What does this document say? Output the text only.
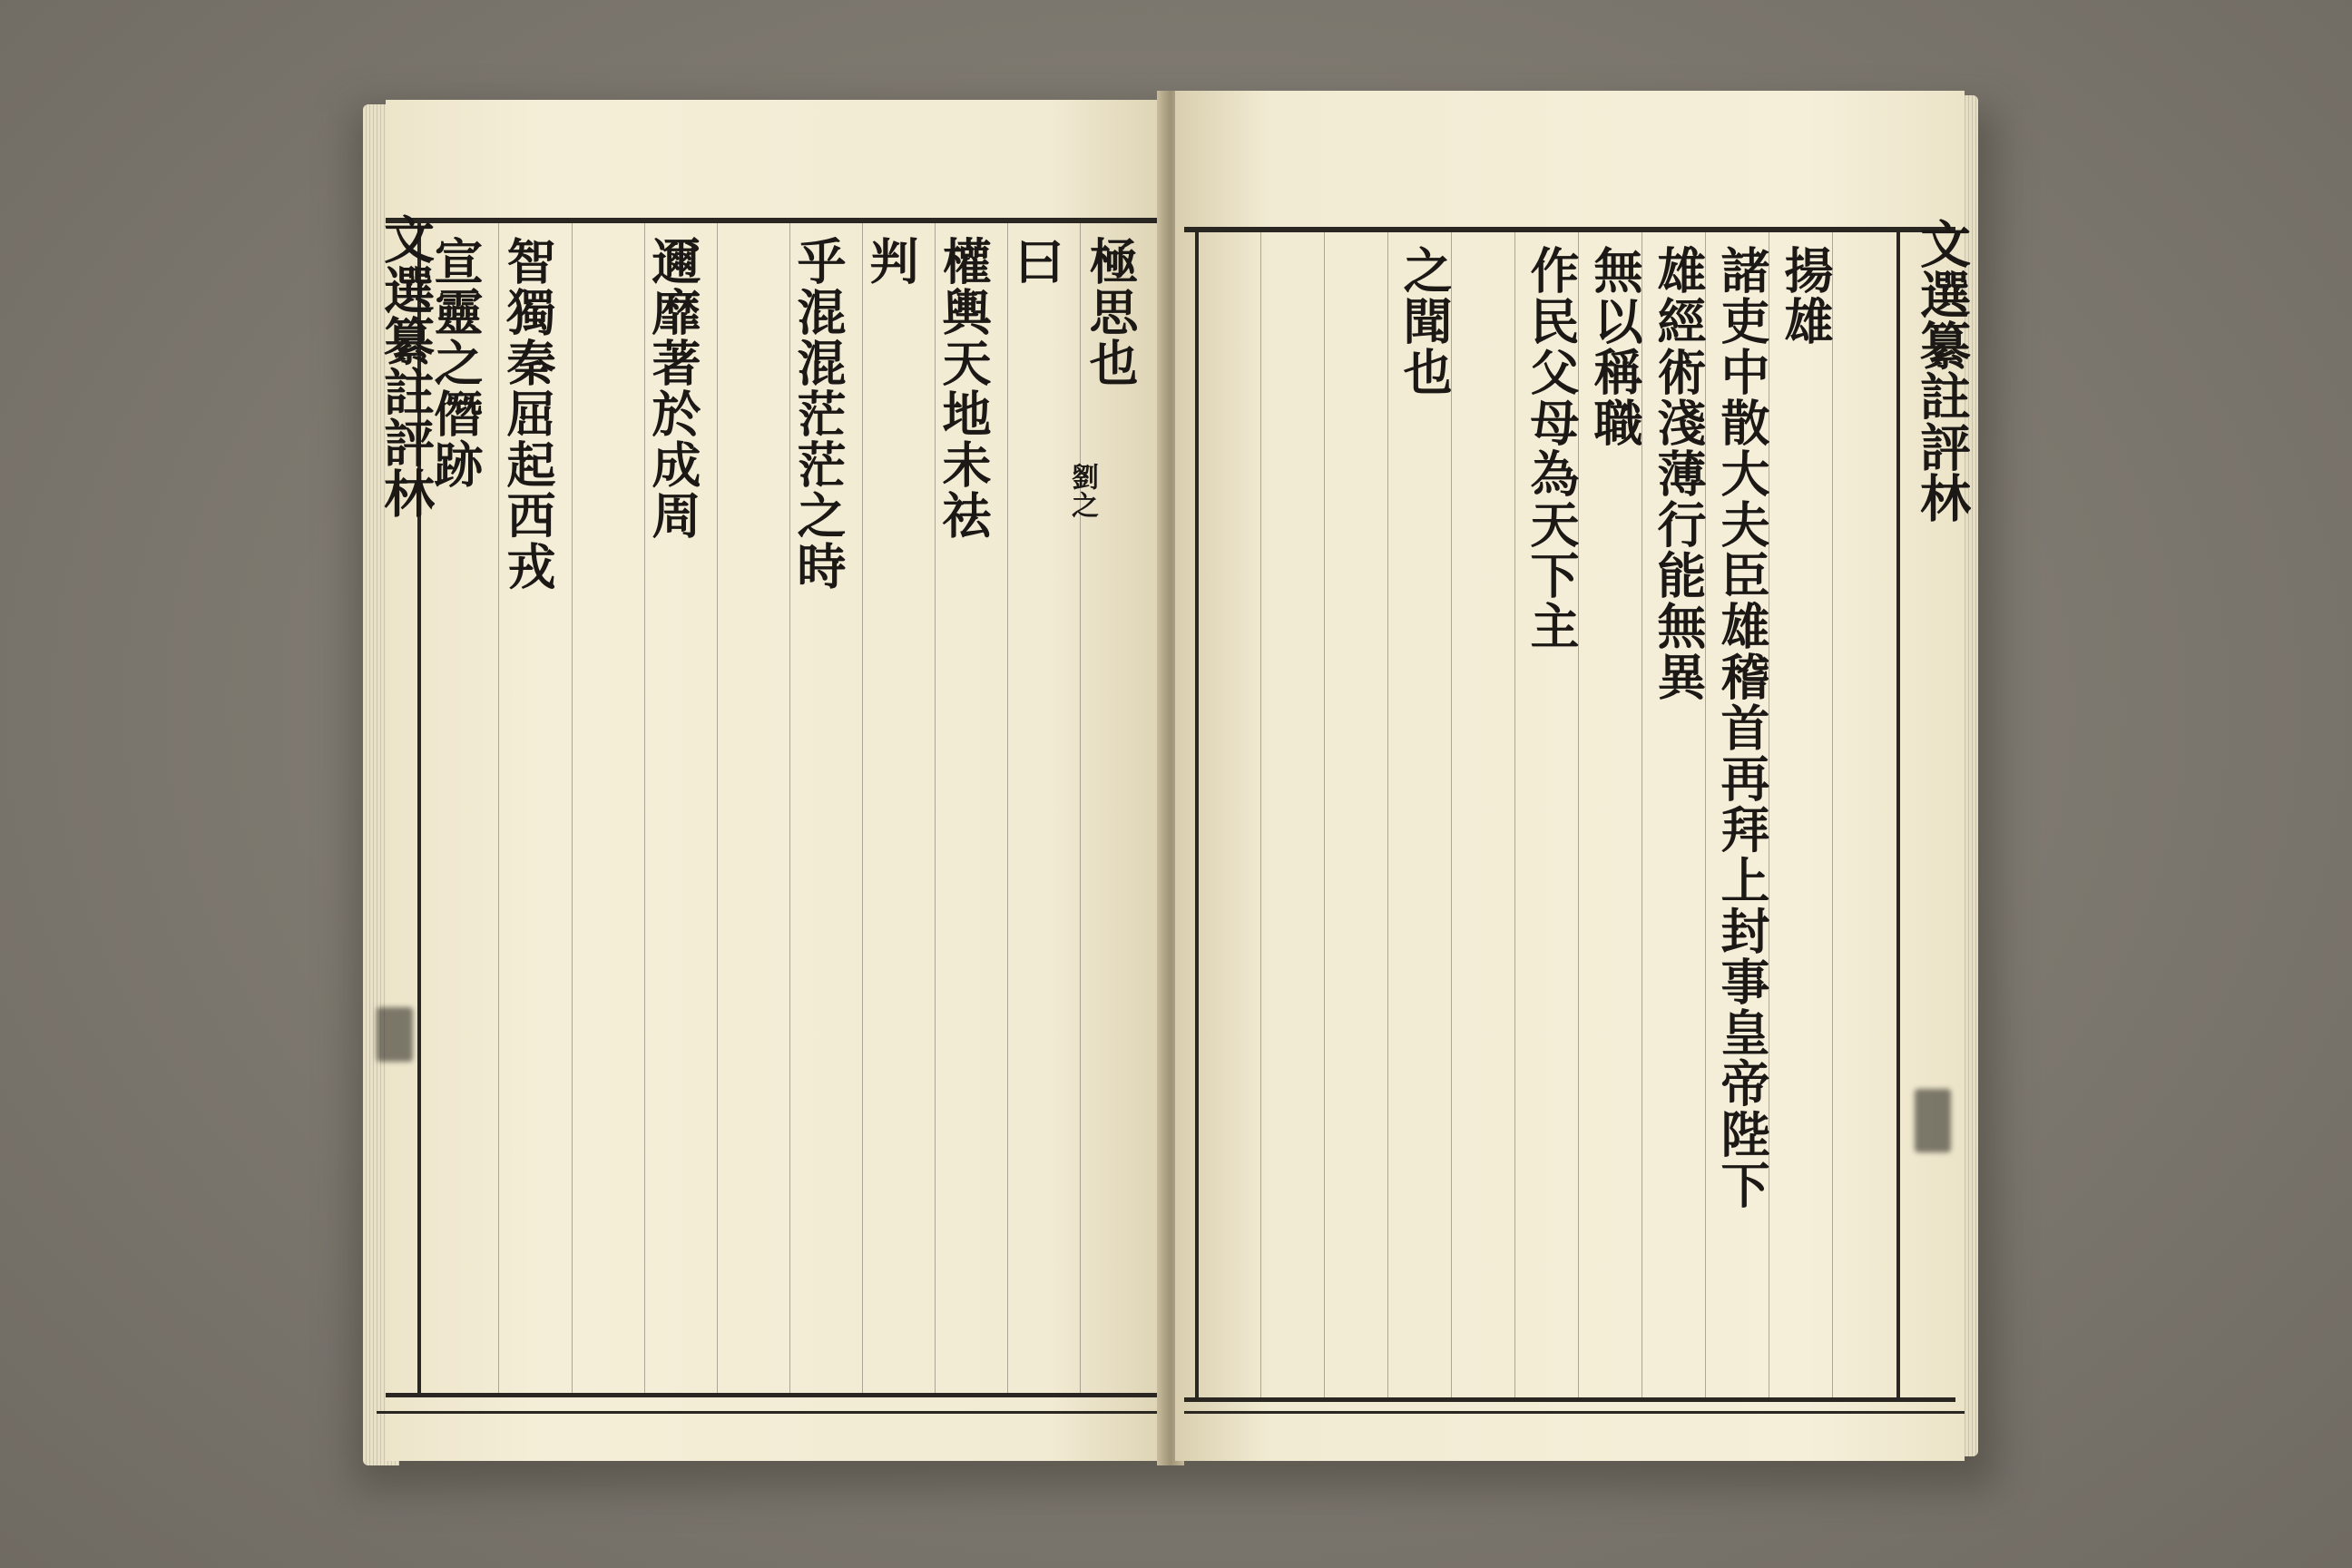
文選纂註評林	極思也
劉之
曰
權輿天地未祛
判
乎混混茫茫之時
邇靡著於成周
智獨秦屈起西戎
宣靈之僭跡	文選纂註評林
揚雄
諸吏中散大夫臣雄稽首再拜上封事皇帝陛下
雄經術淺薄行能無異
無以稱職
作民父母為天下主
之聞也
